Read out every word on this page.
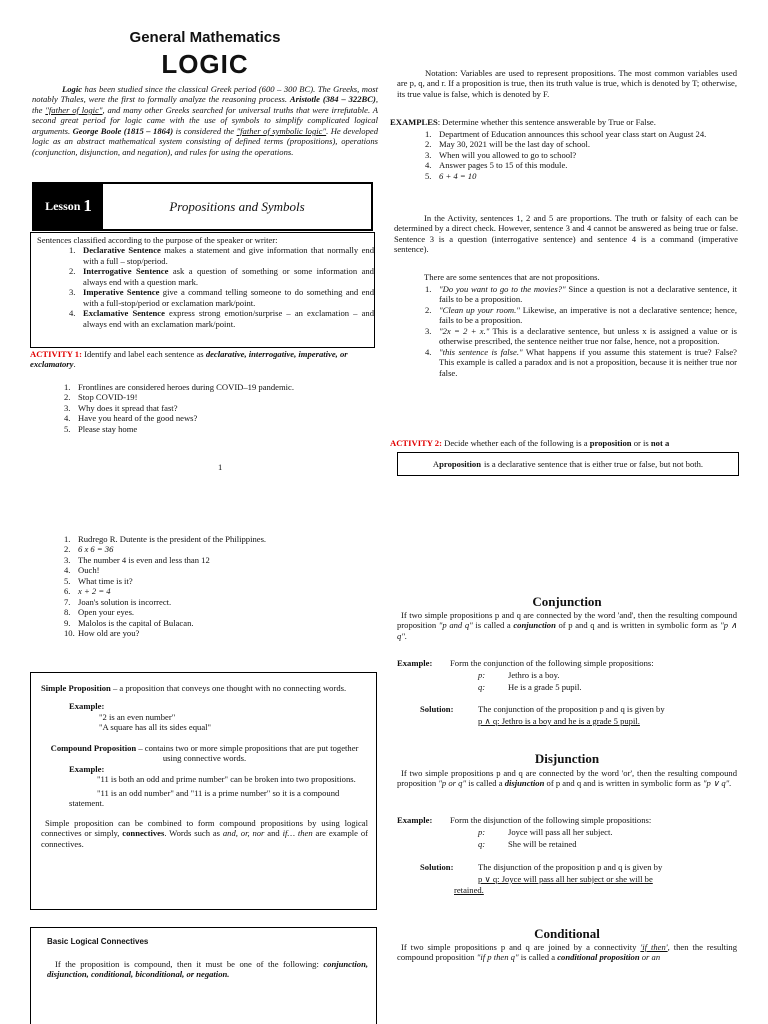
General Mathematics
LOGIC
Logic has been studied since the classical Greek period (600 – 300 BC). The Greeks, most notably Thales, were the first to formally analyze the reasoning process. Aristotle (384 – 322BC), the "father of logic", and many other Greeks searched for universal truths that were irrefutable. A second great period for logic came with the use of symbols to simplify complicated logical arguments. George Boole (1815 – 1864) is considered the "father of symbolic logic". He developed logic as an abstract mathematical system consisting of defined terms (propositions), operations (conjunction, disjunction, and negation), and rules for using the operations.
Lesson 1	Propositions and Symbols
Sentences classified according to the purpose of the speaker or writer:
1. Declarative Sentence makes a statement and give information that normally end with a full – stop/period.
2. Interrogative Sentence ask a question of something or some information and always end with a question mark.
3. Imperative Sentence give a command telling someone to do something and end with a full-stop/period or exclamation mark/point.
4. Exclamative Sentence express strong emotion/surprise – an exclamation – and always end with an exclamation mark/point.
ACTIVITY 1: Identify and label each sentence as declarative, interrogative, imperative, or exclamatory.
1. Frontlines are considered heroes during COVID–19 pandemic.
2. Stop COVID-19!
3. Why does it spread that fast?
4. Have you heard of the good news?
5. Please stay home
1
Notation: Variables are used to represent propositions. The most common variables used are p, q, and r. If a proposition is true, then its truth value is true, which is denoted by T; otherwise, its true value is false, which is denoted by F.
EXAMPLES: Determine whether this sentence answerable by True or False.
1. Department of Education announces this school year class start on August 24.
2. May 30, 2021 will be the last day of school.
3. When will you allowed to go to school?
4. Answer pages 5 to 15 of this module.
5. 6 + 4 = 10
In the Activity, sentences 1, 2 and 5 are proportions. The truth or falsity of each can be determined by a direct check. However, sentence 3 and 4 cannot be answered as being true or false. Sentence 3 is a question (interrogative sentence) and sentence 4 is a command (imperative sentence).
There are some sentences that are not propositions.
1. "Do you want to go to the movies?" Since a question is not a declarative sentence, it fails to be a proposition.
2. "Clean up your room." Likewise, an imperative is not a declarative sentence; hence, fails to be a proposition.
3. "2x = 2 + x." This is a declarative sentence, but unless x is assigned a value or is otherwise prescribed, the sentence neither true nor false, hence, not a proposition.
4. "this sentence is false." What happens if you assume this statement is true? False? This example is called a paradox and is not a proposition, because it is neither true nor false.
ACTIVITY 2: Decide whether each of the following is a proposition or is not a
A proposition is a declarative sentence that is either true or false, but not both.
1. Rudrego R. Dutente is the president of the Philippines.
2. 6 x 6 = 36
3. The number 4 is even and less than 12
4. Ouch!
5. What time is it?
6. x + 2 = 4
7. Joan's solution is incorrect.
8. Open your eyes.
9. Malolos is the capital of Bulacan.
10. How old are you?
Simple Proposition – a proposition that conveys one thought with no connecting words.
Example:
"2 is an even number"
"A square has all its sides equal"
Compound Proposition – contains two or more simple propositions that are put together using connective words.
Example:
"11 is both an odd and prime number" can be broken into two propositions.
"11 is an odd number" and "11 is a prime number" so it is a compound statement.
Simple proposition can be combined to form compound propositions by using logical connectives or simply, connectives. Words such as and, or, nor and if… then are example of connectives.
Basic Logical Connectives
If the proposition is compound, then it must be one of the following: conjunction, disjunction, conditional, biconditional, or negation.
Conjunction
If two simple propositions p and q are connected by the word 'and', then the resulting compound proposition "p and q" is called a conjunction of p and q and is written in symbolic form as "p ∧ q".
Example: Form the conjunction of the following simple propositions:
p:	Jethro is a boy.
q:	He is a grade 5 pupil.
Solution:	The conjunction of the proposition p and q is given by
p ∧ q: Jethro is a boy and he is a grade 5 pupil.
Disjunction
If two simple propositions p and q are connected by the word 'or', then the resulting compound proposition "p or q" is called a disjunction of p and q and is written in symbolic form as "p ∨ q".
Example: Form the disjunction of the following simple propositions:
p:	Joyce will pass all her subject.
q:	She will be retained
Solution:	The disjunction of the proposition p and q is given by
p ∨ q: Joyce will pass all her subject or she will be
retained.
Conditional
If two simple propositions p and q are joined by a connectivity 'if then', then the resulting compound proposition "if p then q" is called a conditional proposition or an
